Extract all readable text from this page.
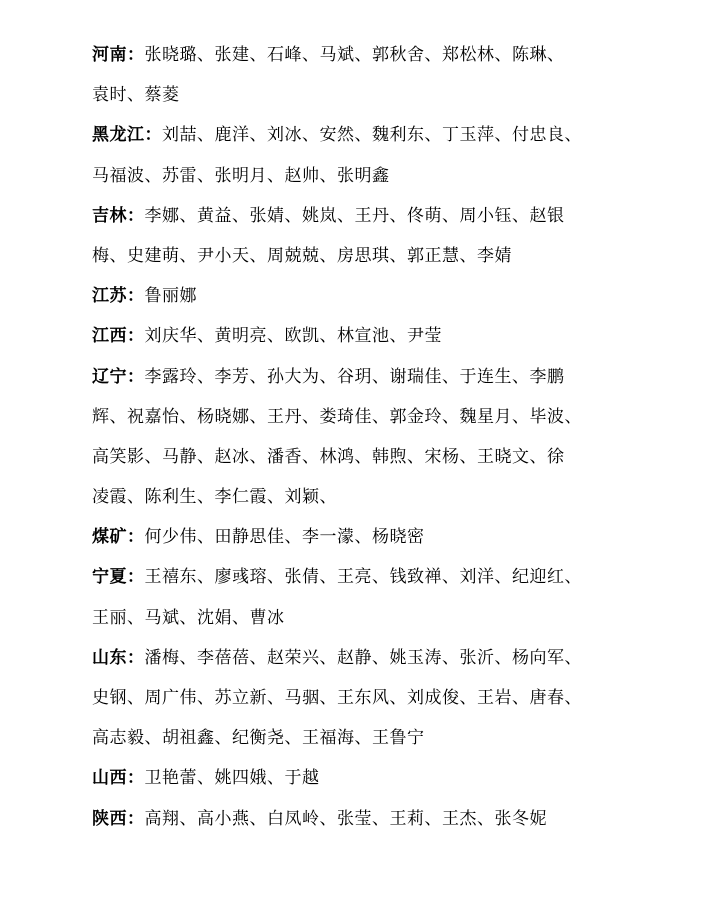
河南：张晓璐、张建、石峰、马斌、郭秋舍、郑松林、陈琳、
袁时、蔡菱
黑龙江：刘喆、鹿洋、刘冰、安然、魏利东、丁玉萍、付忠良、
马福波、苏雷、张明月、赵帅、张明鑫
吉林：李娜、黄益、张婧、姚岚、王丹、佟萌、周小钰、赵银
梅、史建萌、尹小天、周兢兢、房思琪、郭正慧、李婧
江苏：鲁丽娜
江西：刘庆华、黄明亮、欧凯、林宣池、尹莹
辽宁：李露玲、李芳、孙大为、谷玥、谢瑞佳、于连生、李鹏
辉、祝嘉怡、杨晓娜、王丹、娄琦佳、郭金玲、魏星月、毕波、
高笑影、马静、赵冰、潘香、林鸿、韩煦、宋杨、王晓文、徐
凌霞、陈利生、李仁霞、刘颖、
煤矿：何少伟、田静思佳、李一濛、杨晓密
宁夏：王禧东、廖彧瑢、张倩、王亮、钱致禅、刘洋、纪迎红、
王丽、马斌、沈娟、曹冰
山东：潘梅、李蓓蓓、赵荣兴、赵静、姚玉涛、张沂、杨向军、
史钢、周广伟、苏立新、马骃、王东风、刘成俊、王岩、唐春、
高志毅、胡祖鑫、纪衡尧、王福海、王鲁宁
山西：卫艳蕾、姚四娥、于越
陕西：高翔、高小燕、白凤岭、张莹、王莉、王杰、张冬妮
